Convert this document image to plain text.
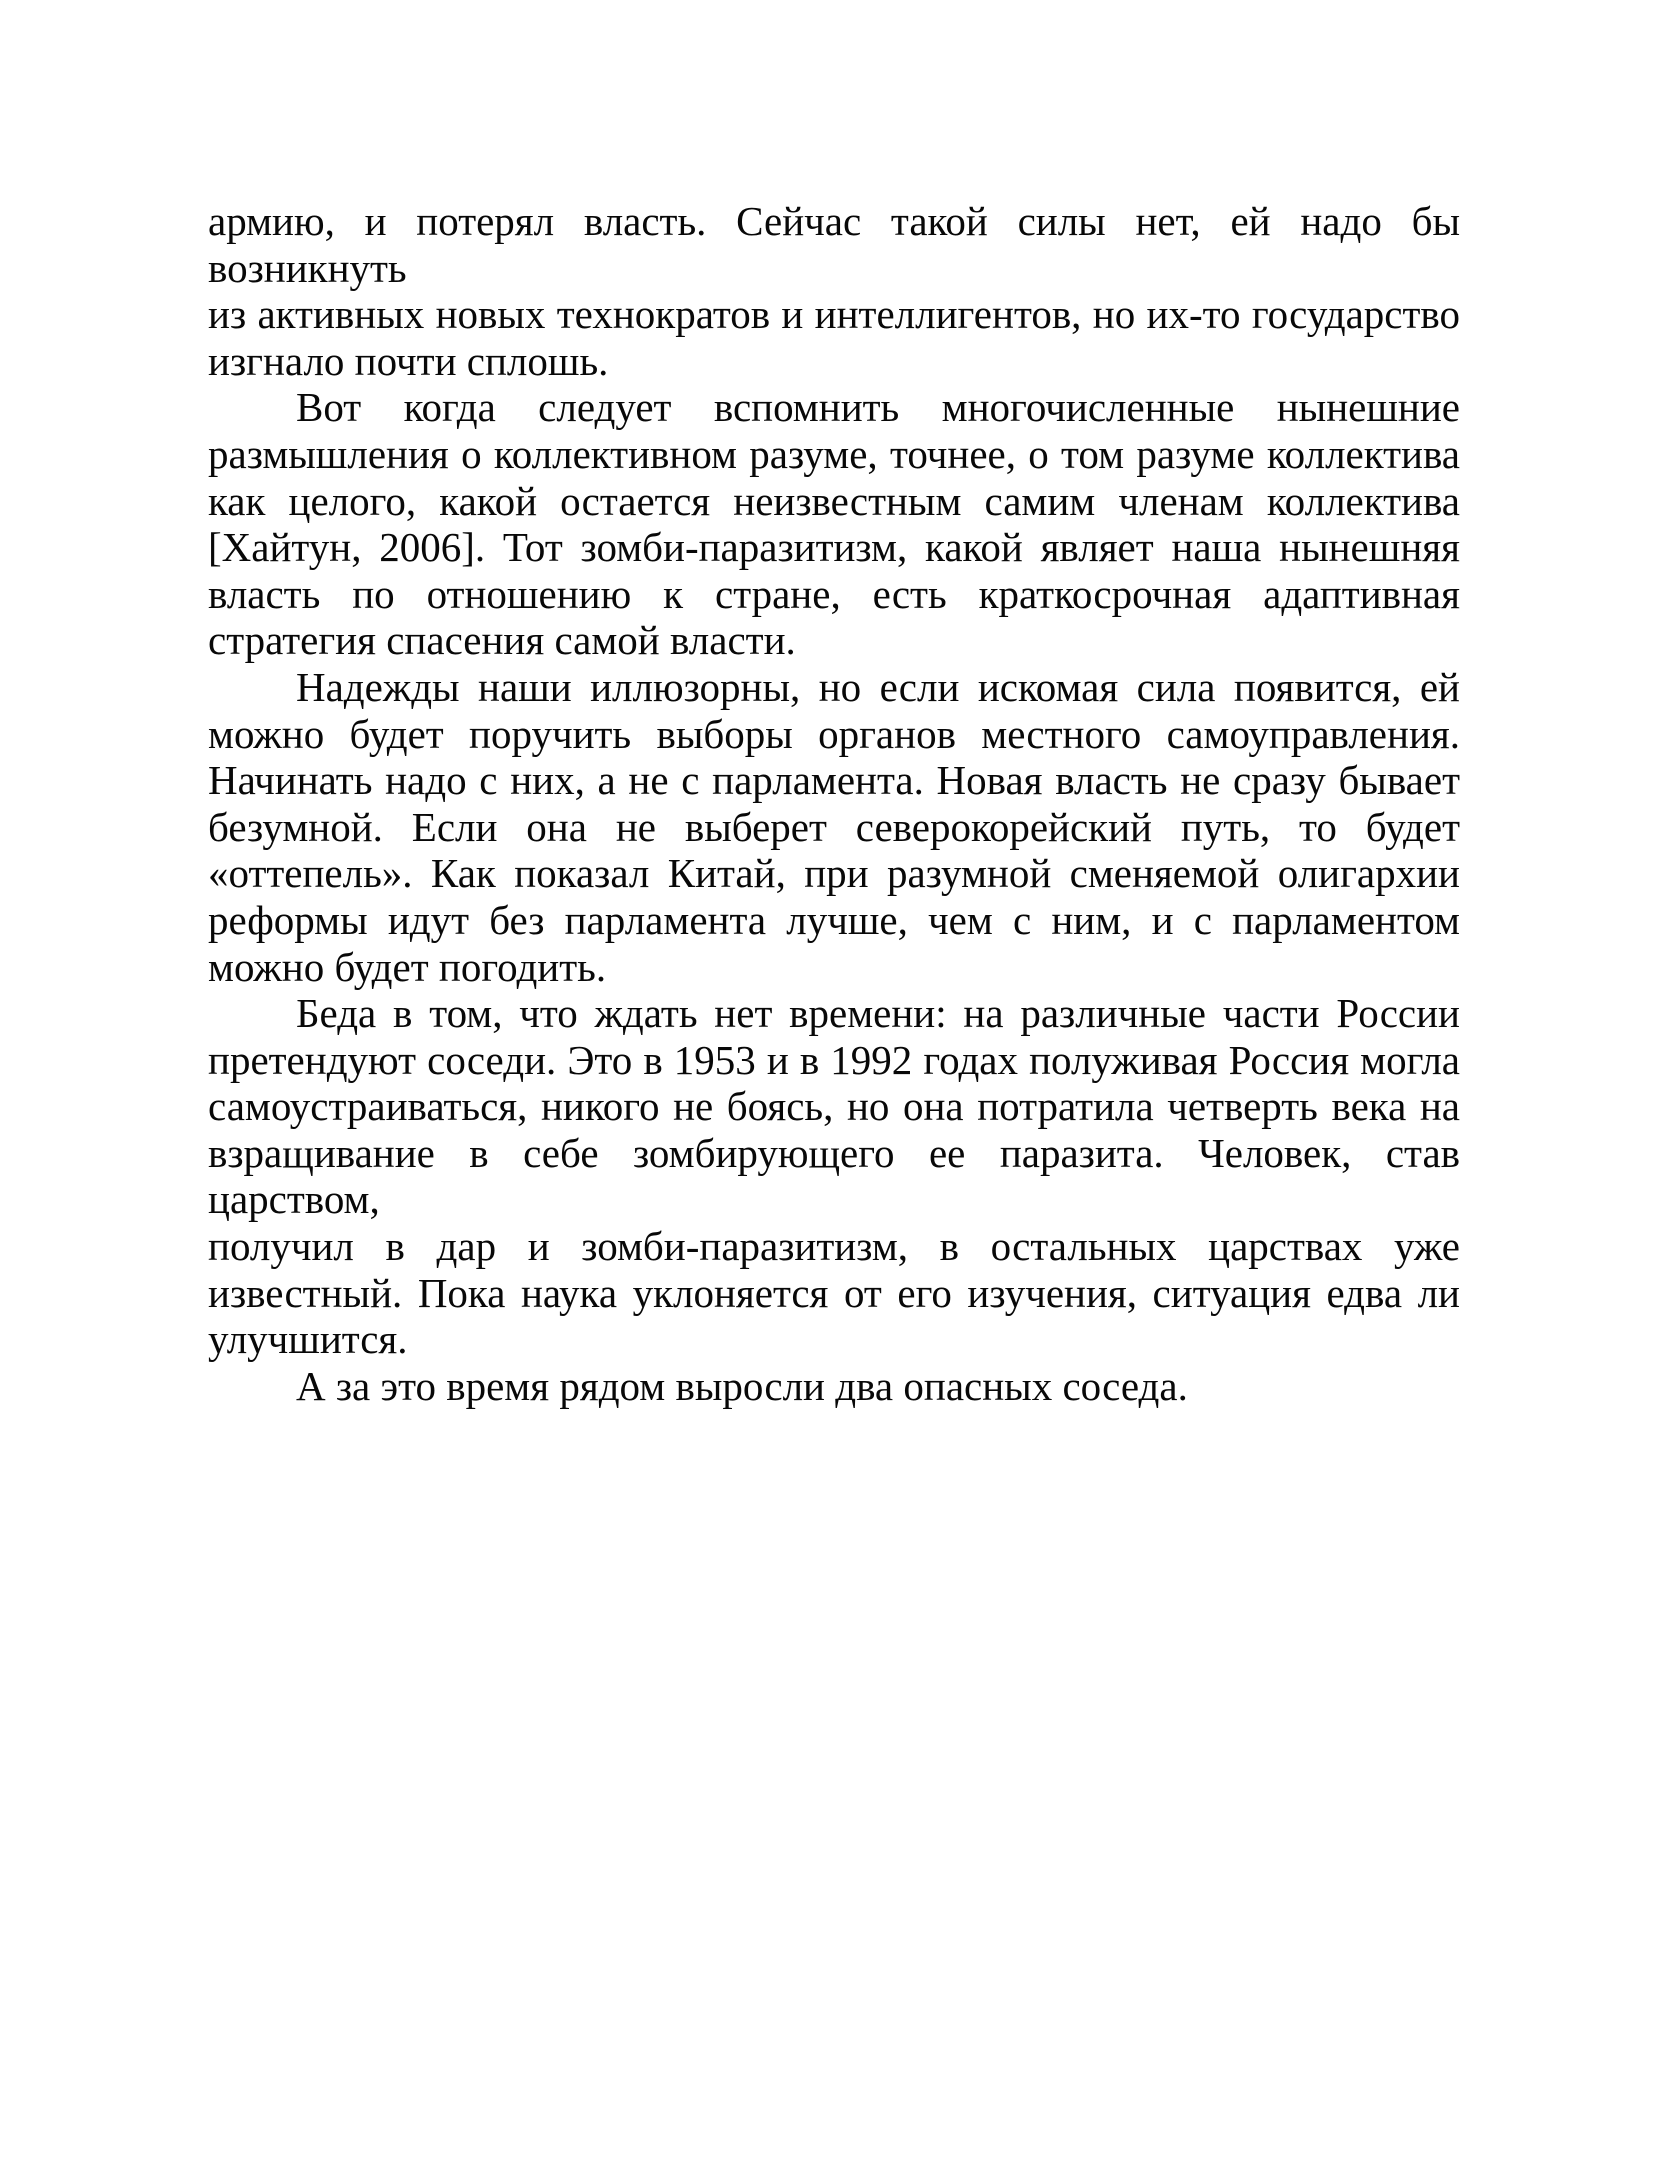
армию, и потерял власть. Сейчас такой силы нет, ей надо бы возникнуть
из активных новых технократов и интеллигентов, но их-то государство
изгнало почти сплошь.
Вот когда следует вспомнить многочисленные нынешние
размышления о коллективном разуме, точнее, о том разуме коллектива
как целого, какой остается неизвестным самим членам коллектива
[Хайтун, 2006]. Тот зомби-паразитизм, какой являет наша нынешняя
власть по отношению к стране, есть краткосрочная адаптивная
стратегия спасения самой власти.
Надежды наши иллюзорны, но если искомая сила появится, ей
можно будет поручить выборы органов местного самоуправления.
Начинать надо с них, а не с парламента. Новая власть не сразу бывает
безумной. Если она не выберет северокорейский путь, то будет
«оттепель». Как показал Китай, при разумной сменяемой олигархии
реформы идут без парламента лучше, чем с ним, и с парламентом
можно будет погодить.
Беда в том, что ждать нет времени: на различные части России
претендуют соседи. Это в 1953 и в 1992 годах полуживая Россия могла
самоустраиваться, никого не боясь, но она потратила четверть века на
взращивание в себе зомбирующего ее паразита. Человек, став царством,
получил в дар и зомби-паразитизм, в остальных царствах уже
известный. Пока наука уклоняется от его изучения, ситуация едва ли
улучшится.
А за это время рядом выросли два опасных соседа.
